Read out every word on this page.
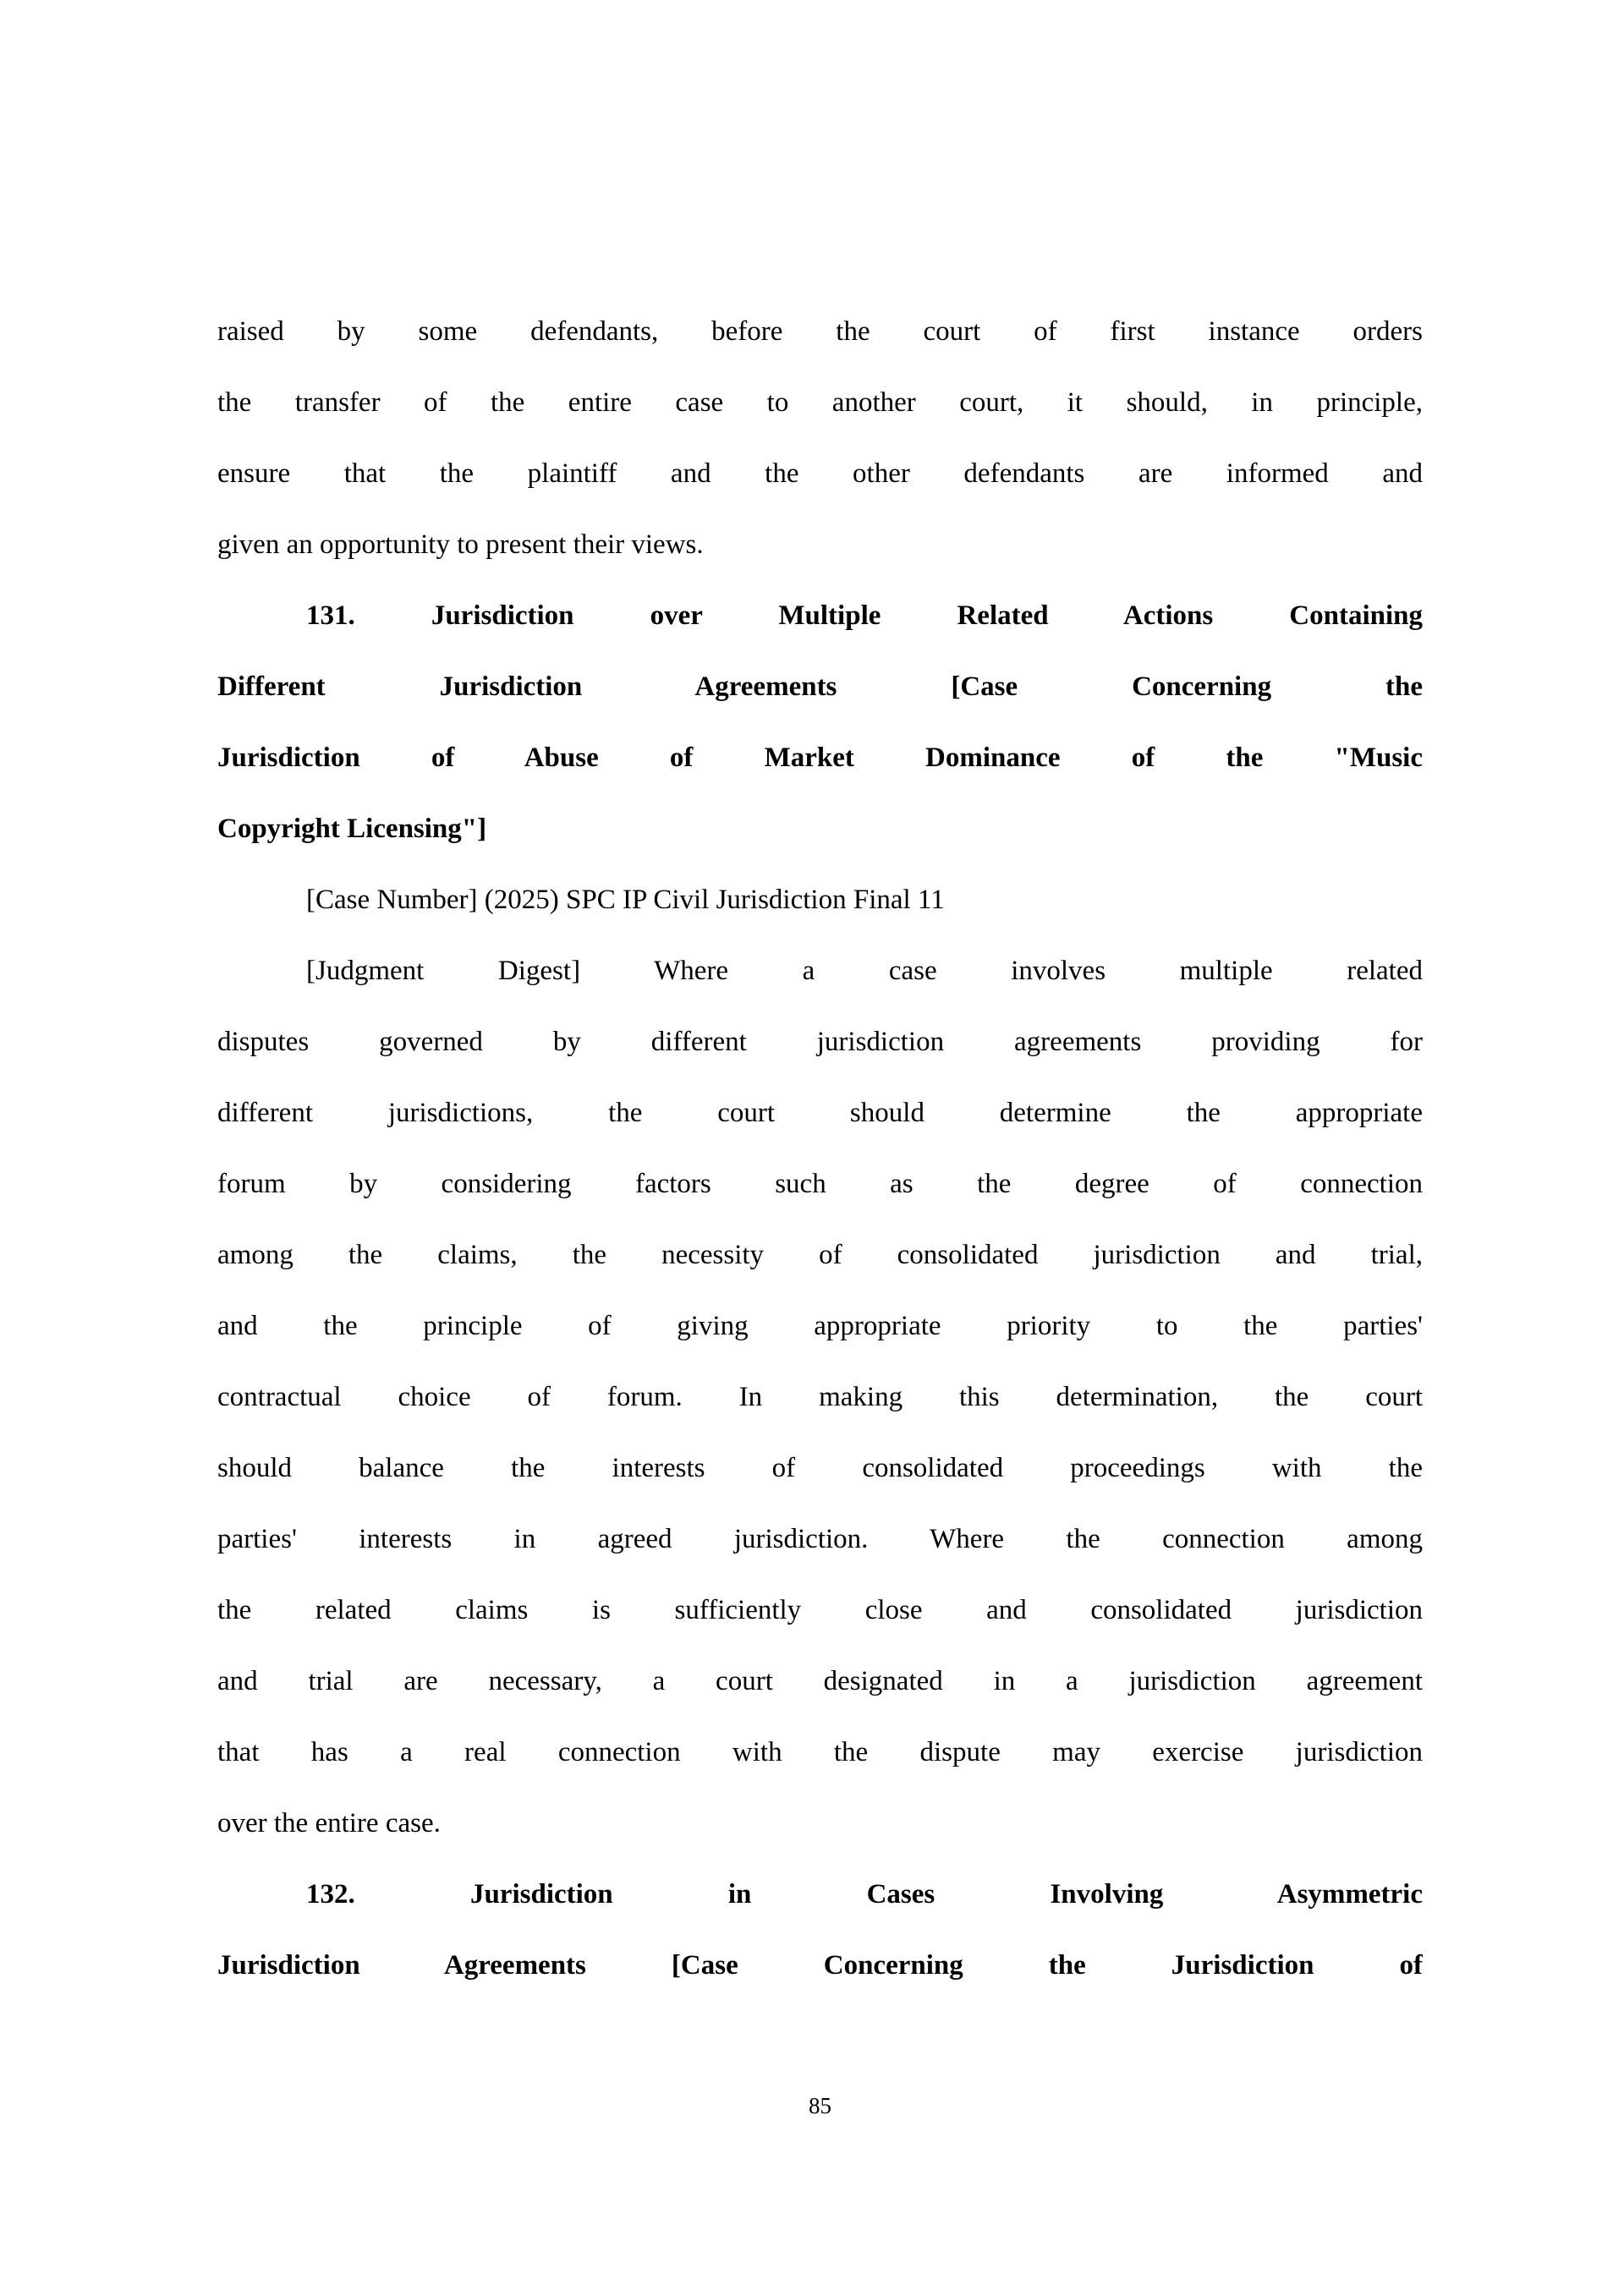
raised by some defendants, before the court of first instance orders
the transfer of the entire case to another court, it should, in principle,
ensure that the plaintiff and the other defendants are informed and
given an opportunity to present their views.
131. Jurisdiction over Multiple Related Actions Containing
Different Jurisdiction Agreements [Case Concerning the
Jurisdiction of Abuse of Market Dominance of the "Music
Copyright Licensing"]
[Case Number] (2025) SPC IP Civil Jurisdiction Final 11
[Judgment Digest] Where a case involves multiple related
disputes governed by different jurisdiction agreements providing for
different jurisdictions, the court should determine the appropriate
forum by considering factors such as the degree of connection
among the claims, the necessity of consolidated jurisdiction and trial,
and the principle of giving appropriate priority to the parties'
contractual choice of forum. In making this determination, the court
should balance the interests of consolidated proceedings with the
parties' interests in agreed jurisdiction. Where the connection among
the related claims is sufficiently close and consolidated jurisdiction
and trial are necessary, a court designated in a jurisdiction agreement
that has a real connection with the dispute may exercise jurisdiction
over the entire case.
132. Jurisdiction in Cases Involving Asymmetric
Jurisdiction Agreements [Case Concerning the Jurisdiction of
85
